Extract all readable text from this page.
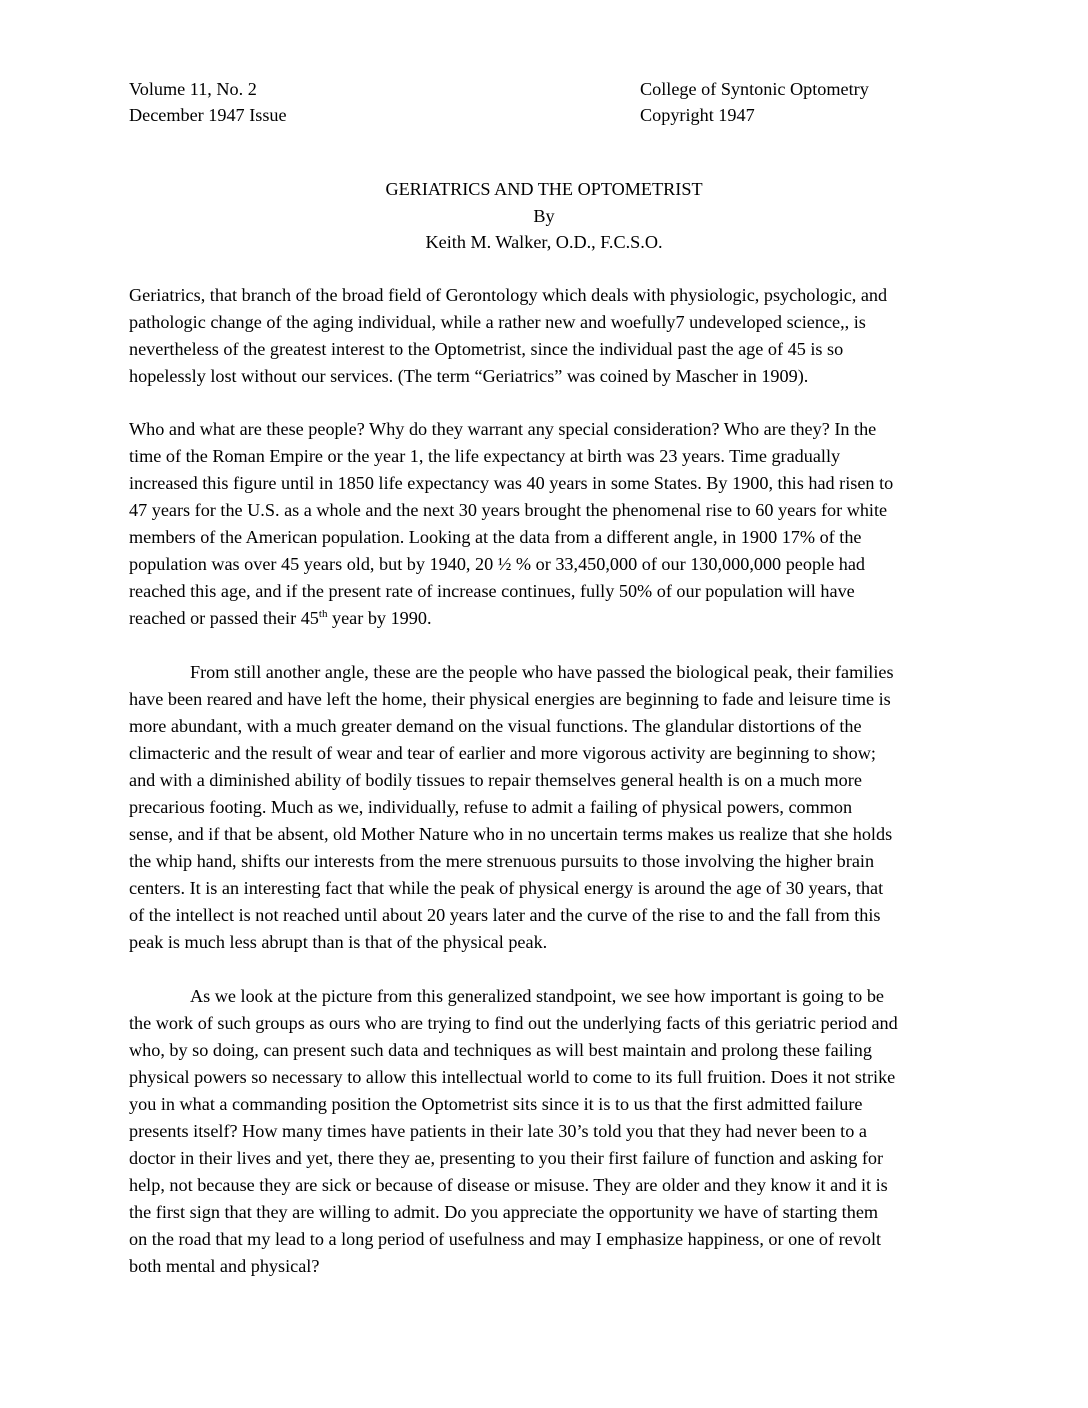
Volume 11, No. 2
December 1947 Issue
College of Syntonic Optometry
Copyright 1947
GERIATRICS AND THE OPTOMETRIST
By
Keith M. Walker, O.D., F.C.S.O.
Geriatrics, that branch of the broad field of Gerontology which deals with physiologic, psychologic, and
pathologic change of the aging individual, while a rather new and woefully7 undeveloped science,, is
nevertheless of the greatest interest to the Optometrist, since the individual past the age of 45 is so
hopelessly lost without our services. (The term “Geriatrics” was coined by Mascher in 1909).
Who and what are these people? Why do they warrant any special consideration? Who are they? In the
time of the Roman Empire or the year 1, the life expectancy at birth was 23 years. Time gradually
increased this figure until in 1850 life expectancy was 40 years in some States. By 1900, this had risen to
47 years for the U.S. as a whole and the next 30 years brought the phenomenal rise to 60 years for white
members of the American population. Looking at the data from a different angle, in 1900 17% of the
population was over 45 years old, but by 1940, 20 ½ % or 33,450,000 of our 130,000,000 people had
reached this age, and if the present rate of increase continues, fully 50% of our population will have
reached or passed their 45th year by 1990.
From still another angle, these are the people who have passed the biological peak, their families
have been reared and have left the home, their physical energies are beginning to fade and leisure time is
more abundant, with a much greater demand on the visual functions. The glandular distortions of the
climacteric and the result of wear and tear of earlier and more vigorous activity are beginning to show;
and with a diminished ability of bodily tissues to repair themselves general health is on a much more
precarious footing. Much as we, individually, refuse to admit a failing of physical powers, common
sense, and if that be absent, old Mother Nature who in no uncertain terms makes us realize that she holds
the whip hand, shifts our interests from the mere strenuous pursuits to those involving the higher brain
centers. It is an interesting fact that while the peak of physical energy is around the age of 30 years, that
of the intellect is not reached until about 20 years later and the curve of the rise to and the fall from this
peak is much less abrupt than is that of the physical peak.
As we look at the picture from this generalized standpoint, we see how important is going to be
the work of such groups as ours who are trying to find out the underlying facts of this geriatric period and
who, by so doing, can present such data and techniques as will best maintain and prolong these failing
physical powers so necessary to allow this intellectual world to come to its full fruition. Does it not strike
you in what a commanding position the Optometrist sits since it is to us that the first admitted failure
presents itself? How many times have patients in their late 30’s told you that they had never been to a
doctor in their lives and yet, there they ae, presenting to you their first failure of function and asking for
help, not because they are sick or because of disease or misuse. They are older and they know it and it is
the first sign that they are willing to admit. Do you appreciate the opportunity we have of starting them
on the road that my lead to a long period of usefulness and may I emphasize happiness, or one of revolt
both mental and physical?
